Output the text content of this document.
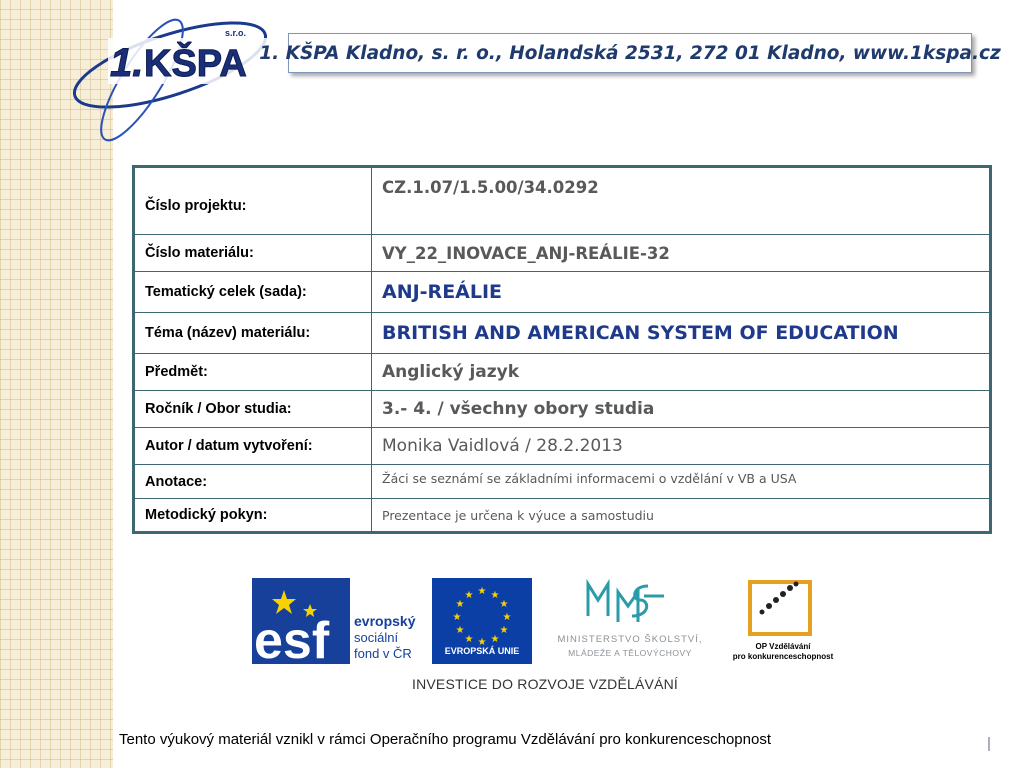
1. KŠPA
s.r.o.
1. KŠPA Kladno, s. r. o., Holandská 2531, 272 01 Kladno, www.1kspa.cz
Číslo projektu:	CZ.1.07/1.5.00/34.0292
Číslo materiálu:	VY_22_INOVACE_ANJ-REÁLIE-32
Tematický celek (sada):	ANJ-REÁLIE
Téma (název) materiálu:	BRITISH AND AMERICAN SYSTEM OF EDUCATION
Předmět:	Anglický jazyk
Ročník / Obor studia:	3.- 4. / všechny obory studia
Autor / datum vytvoření:	Monika Vaidlová / 28.2.2013
Anotace:	Žáci se seznámí se základními informacemi o vzdělání v VB a USA
Metodický pokyn:	Prezentace je určena k výuce a samostudiu
esf evropský
sociální
fond v ČR
★ ★
★
★
★
★
★
★
★
★
★
★
EVROPSKÁ UNIE
MINISTERSTVO ŠKOLSTVÍ,
MLÁDEŽE A TĚLOVÝCHOVY
OP Vzdělávání
pro konkurenceschopnost
INVESTICE DO ROZVOJE VZDĚLÁVÁNÍ
Tento výukový materiál vznikl v rámci Operačního programu Vzdělávání pro konkurenceschopnost
